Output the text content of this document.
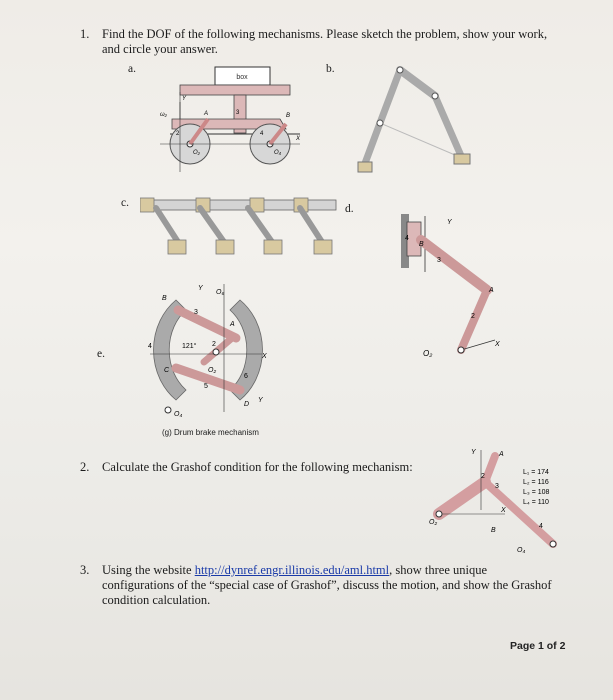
1. Find the DOF of the following mechanisms. Please sketch the problem, show your work,
and circle your answer.
a.	b.
c.	d.
e.
box
3
2	4
A	B
O₂	O₄
Y
X
ω₂
4
3
2
B
A
O₂
Y
X
3
2
4
5
6
B
A
C
D
O₆
O₂
O₄
121°
Y
X
Y
(g) Drum brake mechanism
2. Calculate the Grashof condition for the following mechanism:
2
3
4
A
B
O₂
O₄
Y
X
L₁ = 174
L₂ = 116
L₃ = 108
L₄ = 110
3. Using the website http://dynref.engr.illinois.edu/aml.html, show three unique
configurations of the “special case of Grashof”, discuss the motion, and show the Grashof
condition calculation.
Page 1 of 2
